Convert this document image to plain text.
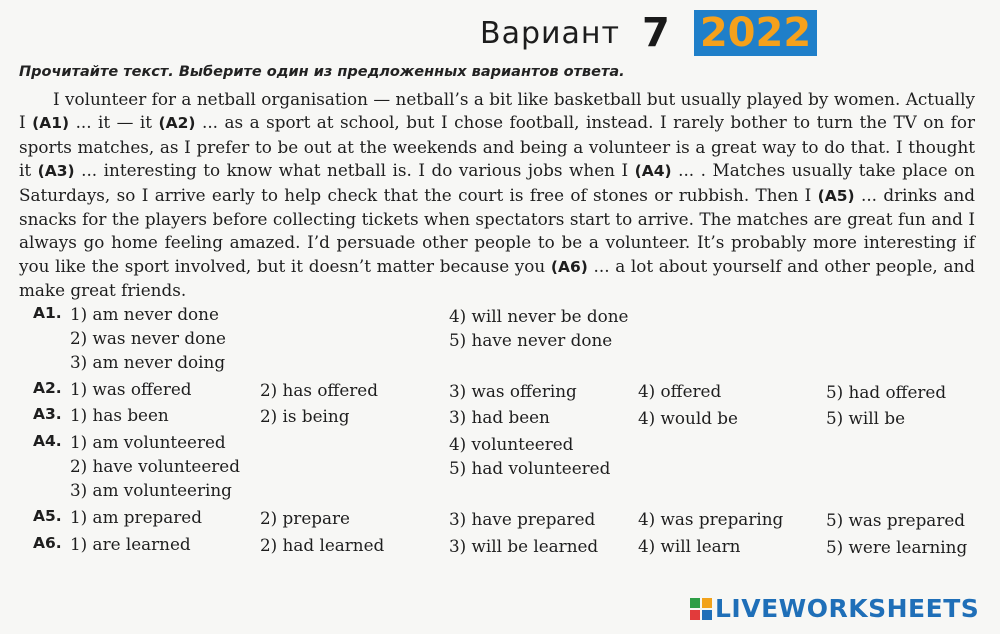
Вариант 7 2022
Прочитайте текст. Выберите один из предложенных вариантов ответа.

I volunteer for a netball organisation — netball’s a bit like basketball but usually played by women. Actually I (A1) ... it — it (A2) ... as a sport at school, but I chose football, instead. I rarely bother to turn the TV on for sports matches, as I prefer to be out at the weekends and being a volunteer is a great way to do that. I thought it (A3) ... interesting to know what netball is. I do various jobs when I (A4) ... . Matches usually take place on Saturdays, so I arrive early to help check that the court is free of stones or rubbish. Then I (A5) ... drinks and snacks for the players before collecting tickets when spectators start to arrive. The matches are great fun and I always go home feeling amazed. I’d persuade other people to be a volunteer. It’s probably more interesting if you like the sport involved, but it doesn’t matter because you (A6) ... a lot about yourself and other people, and make great friends.

A1. 1) am never done
2) was never done
3) am never doing
4) will never be done
5) have never done
A2. 1) was offered	2) has offered	3) was offering	4) offered	5) had offered
A3. 1) has been	2) is being	3) had been	4) would be	5) will be
A4. 1) am volunteered
2) have volunteered
3) am volunteering
4) volunteered
5) had volunteered
A5. 1) am prepared	2) prepare	3) have prepared	4) was preparing	5) was prepared
A6. 1) are learned	2) had learned	3) will be learned 4) will learn	5) were learning
LIVEWORKSHEETS
